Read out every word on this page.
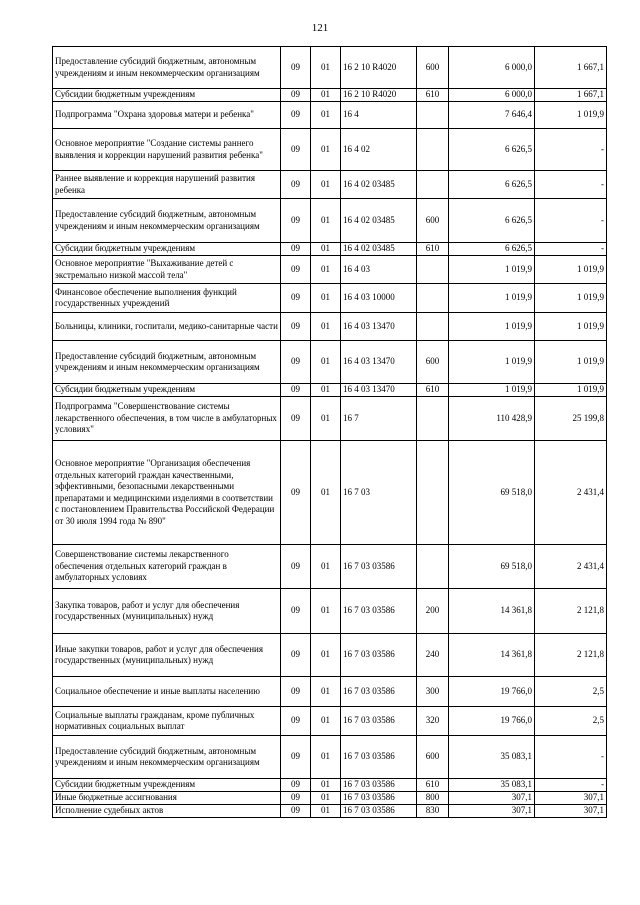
121
Предоставление субсидий бюджетным, автономным учреждениям и иным некоммерческим организациям	09	01	16 2 10 R4020	600	6 000,0	1 667,1
Субсидии бюджетным учреждениям	09	01	16 2 10 R4020	610	6 000,0	1 667,1
Подпрограмма "Охрана здоровья матери и ребенка"	09	01	16 4		7 646,4	1 019,9
Основное мероприятие "Создание системы раннего выявления и коррекции нарушений развития ребенка"	09	01	16 4 02		6 626,5	-
Раннее выявление и коррекция нарушений развития ребенка	09	01	16 4 02 03485		6 626,5	-
Предоставление субсидий бюджетным, автономным учреждениям и иным некоммерческим организациям	09	01	16 4 02 03485	600	6 626,5	-
Субсидии бюджетным учреждениям	09	01	16 4 02 03485	610	6 626,5	-
Основное мероприятие "Выхаживание детей с экстремально низкой массой тела"	09	01	16 4 03		1 019,9	1 019,9
Финансовое обеспечение выполнения функций государственных учреждений	09	01	16 4 03 10000		1 019,9	1 019,9
Больницы, клиники, госпитали, медико-санитарные части	09	01	16 4 03 13470		1 019,9	1 019,9
Предоставление субсидий бюджетным, автономным учреждениям и иным некоммерческим организациям	09	01	16 4 03 13470	600	1 019,9	1 019,9
Субсидии бюджетным учреждениям	09	01	16 4 03 13470	610	1 019,9	1 019,9
Подпрограмма "Совершенствование системы лекарственного обеспечения, в том числе в амбулаторных условиях"	09	01	16 7		110 428,9	25 199,8
Основное мероприятие "Организация обеспечения отдельных категорий граждан качественными, эффективными, безопасными лекарственными препаратами и медицинскими изделиями в соответствии с постановлением Правительства Российской Федерации от 30 июля 1994 года № 890"	09	01	16 7 03		69 518,0	2 431,4
Совершенствование системы лекарственного обеспечения отдельных категорий граждан в амбулаторных условиях	09	01	16 7 03 03586		69 518,0	2 431,4
Закупка товаров, работ и услуг для обеспечения государственных (муниципальных) нужд	09	01	16 7 03 03586	200	14 361,8	2 121,8
Иные закупки товаров, работ и услуг для обеспечения государственных (муниципальных) нужд	09	01	16 7 03 03586	240	14 361,8	2 121,8
Социальное обеспечение и иные выплаты населению	09	01	16 7 03 03586	300	19 766,0	2,5
Социальные выплаты гражданам, кроме публичных нормативных социальных выплат	09	01	16 7 03 03586	320	19 766,0	2,5
Предоставление субсидий бюджетным, автономным учреждениям и иным некоммерческим организациям	09	01	16 7 03 03586	600	35 083,1	-
Субсидии бюджетным учреждениям	09	01	16 7 03 03586	610	35 083,1	-
Иные бюджетные ассигнования	09	01	16 7 03 03586	800	307,1	307,1
Исполнение судебных актов	09	01	16 7 03 03586	830	307,1	307,1
